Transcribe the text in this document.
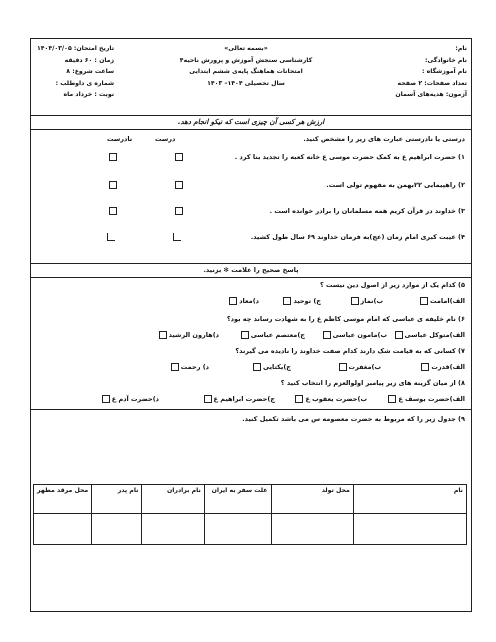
نام:
نام خانوادگی:
نام آموزشگاه :
تعداد صفحات: ۲ صفحه
آزمون: هدیه‌های آسمان
«بسمه تعالی»
کارشناسی سنجش آموزش و پرورش ناحیه۴
امتحانات هماهنگ پایه‌ی ششم ابتدایی
سال تحصیلی ۱۴۰۴– ۱۴۰۳
تاریخ امتحان: ۱۴۰۴/۰۳/۰۵
زمان : ۶۰ دقیقه
ساعت شروع: ۸
شماره ی داوطلب :
نوبت : خرداد ماه
ارزش هر کسی آن چیزی است که نیکو انجام دهد.
درستی یا نادرستی عبارت های زیر را مشخص کنید.
درست
نادرست
۱) حضرت ابراهیم ع به کمک حضرت موسی ع خانه کعبه را تجدید بنا کرد .
۲) راهپیمایی ۲۲بهمن به مفهوم تولی است.
۳) خداوند در قرآن کریم همه مسلمانان را برادر خوانده است .
۴) غیبت کبری امام زمان (عج)به فرمان خداوند ۶۹ سال طول کشید.
پاسخ صحیح را علامت ✻ بزنید.
۵) کدام یک از موارد زیر از اصول دین نیست ؟
الف)امامت
ب)نماز
ج) توحید
د)معاد
۶) نام خلیفه ی عباسی که امام موسی کاظم ع را به شهادت رساند چه بود؟
الف)متوکل عباسی
ب)مامون عباسی
ج)معتصم عباسی
د)هارون الرشید
۷) کسانی که به قیامت شک دارند کدام صفت خداوند را نادیده می گیرند؟
الف)قدرت
ب)مغفرت
ج)یکتایی
د) رحمت
۸) از میان گزینه های زیر پیامبر اولوالعزم را انتخاب کنید ؟
الف)حضرت یوسف ع
ب)حضرت یعقوب ع
ج)حضرت ابراهیم ع
د)حضرت آدم ع
۹) جدول زیر را که مربوط به حضرت معصومه س می باشد تکمیل کنید.
نام	محل تولد	علت سفر به ایران	نام برادران	نام پدر	محل مرقد مطهر
